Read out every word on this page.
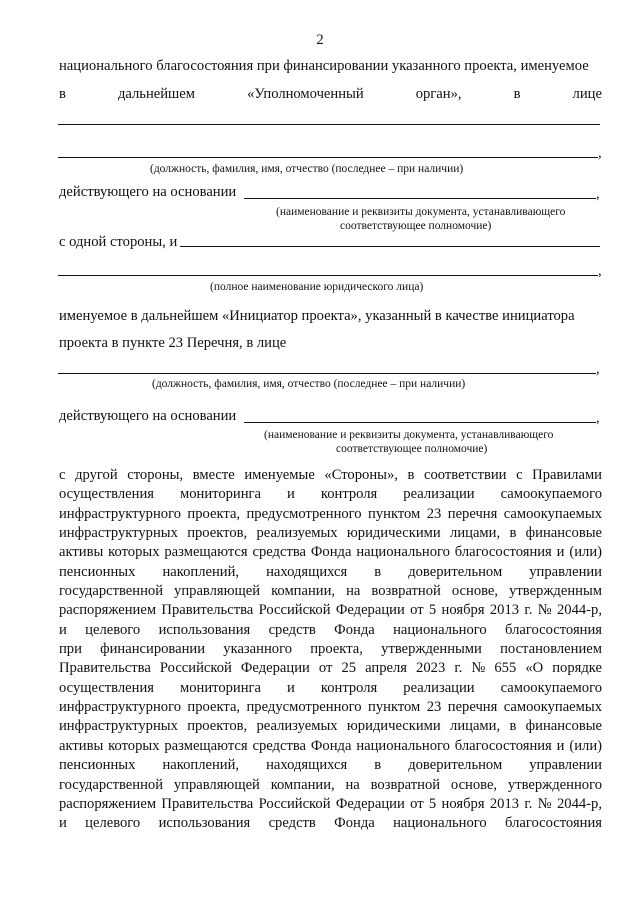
2
национального благосостояния при финансировании указанного проекта, именуемое
в	дальнейшем	«Уполномоченный	орган»,	в	лице
,
(должность, фамилия, имя, отчество (последнее – при наличии)
действующего на основании	,
(наименование и реквизиты документа, устанавливающего
соответствующее полномочие)
с одной стороны, и
,
(полное наименование юридического лица)
именуемое в дальнейшем «Инициатор проекта», указанный в качестве инициатора
проекта в пункте 23 Перечня, в лице
,
(должность, фамилия, имя, отчество (последнее – при наличии)
действующего на основании	,
(наименование и реквизиты документа, устанавливающего
соответствующее полномочие)
с другой стороны, вместе именуемые «Стороны», в соответствии с Правилами
осуществления мониторинга и контроля реализации самоокупаемого
инфраструктурного проекта, предусмотренного пунктом 23 перечня самоокупаемых
инфраструктурных проектов, реализуемых юридическими лицами, в финансовые
активы которых размещаются средства Фонда национального благосостояния и (или)
пенсионных накоплений, находящихся в доверительном управлении
государственной управляющей компании, на возвратной основе, утвержденным
распоряжением Правительства Российской Федерации от 5 ноября 2013 г. № 2044-р,
и целевого использования средств Фонда национального благосостояния
при финансировании указанного проекта, утвержденными постановлением
Правительства Российской Федерации от 25 апреля 2023 г. № 655 «О порядке
осуществления мониторинга и контроля реализации самоокупаемого
инфраструктурного проекта, предусмотренного пунктом 23 перечня самоокупаемых
инфраструктурных проектов, реализуемых юридическими лицами, в финансовые
активы которых размещаются средства Фонда национального благосостояния и (или)
пенсионных накоплений, находящихся в доверительном управлении
государственной управляющей компании, на возвратной основе, утвержденного
распоряжением Правительства Российской Федерации от 5 ноября 2013 г. № 2044-р,
и целевого использования средств Фонда национального благосостояния
